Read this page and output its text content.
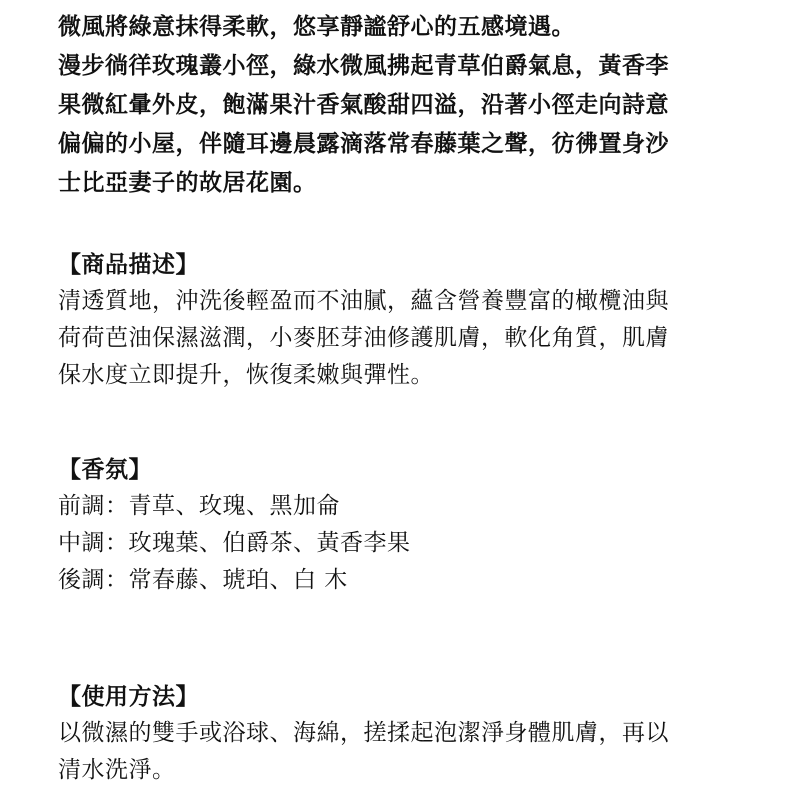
微風將綠意抹得柔軟，悠享靜謐舒心的五感境遇。

漫步徜徉玫瑰叢小徑，綠水微風拂起青草伯爵氣息，黃香李

果微紅暈外皮，飽滿果汁香氣酸甜四溢，沿著小徑走向詩意

偏偏的小屋，伴隨耳邊晨露滴落常春藤葉之聲，彷彿置身沙

士比亞妻子的故居花園。

【商品描述】

清透質地，沖洗後輕盈而不油膩，蘊含營養豐富的橄欖油與

荷荷芭油保濕滋潤，小麥胚芽油修護肌膚，軟化角質，肌膚

保水度立即提升，恢復柔嫩與彈性。

【香氛】

前調：青草、玫瑰、黑加侖

中調：玫瑰葉、伯爵茶、黃香李果

後調：常春藤、琥珀、白 木

【使用方法】

以微濕的雙手或浴球、海綿，搓揉起泡潔淨身體肌膚，再以

清水洗淨。
